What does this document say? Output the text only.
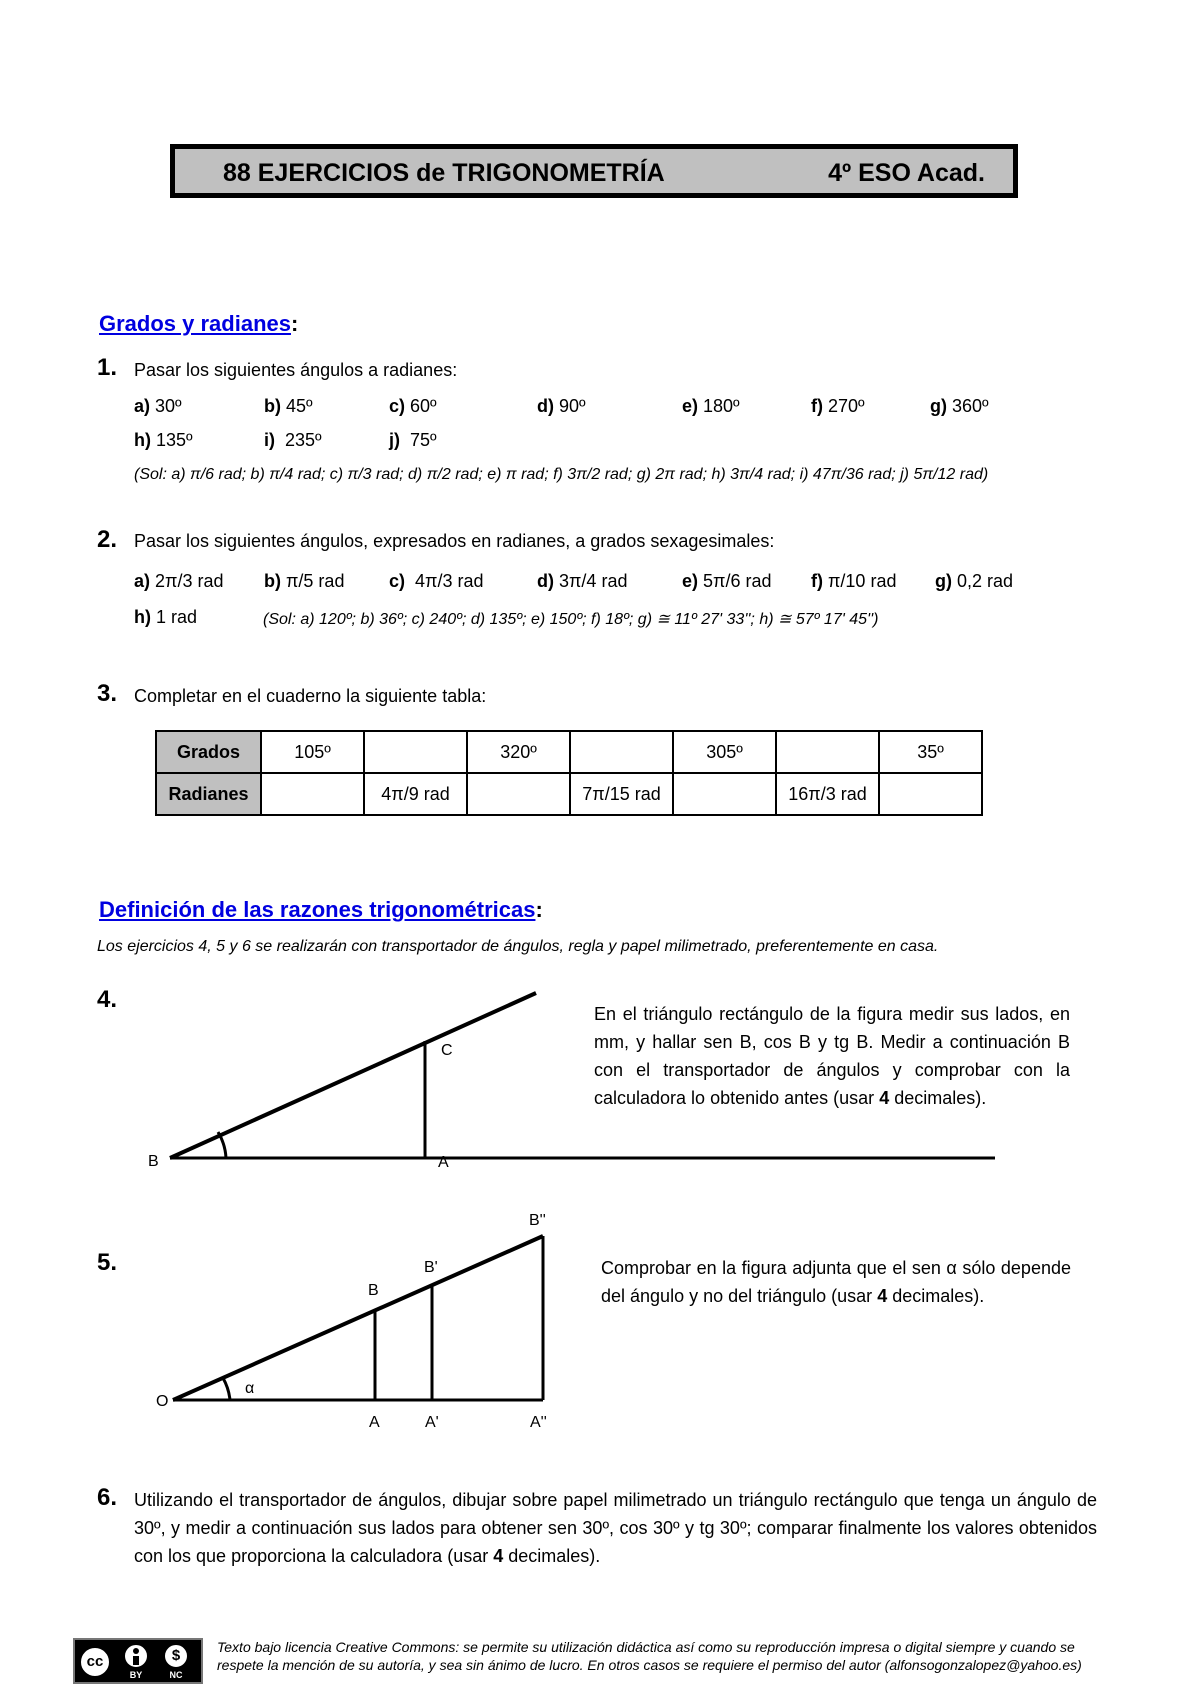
88 EJERCICIOS de TRIGONOMETRÍA	4º ESO Acad.
Grados y radianes:
1. Pasar los siguientes ángulos a radianes:
a) 30º	b) 45º	c) 60º	d) 90º	e) 180º	f) 270º	g) 360º
h) 135º	i)  235º	j)  75º
(Sol: a) π/6 rad; b) π/4 rad; c) π/3 rad; d) π/2 rad; e) π rad; f) 3π/2 rad; g) 2π rad; h) 3π/4 rad; i) 47π/36 rad; j) 5π/12 rad)
2. Pasar los siguientes ángulos, expresados en radianes, a grados sexagesimales:
a) 2π/3 rad b) π/5 rad c)  4π/3 rad	d) 3π/4 rad	e) 5π/6 rad f) π/10 rad g) 0,2 rad
h) 1 rad	(Sol: a) 120º; b) 36º; c) 240º; d) 135º; e) 150º; f) 18º; g) ≅ 11º 27' 33''; h) ≅ 57º 17' 45'')
3. Completar en el cuaderno la siguiente tabla:
Grados	105º		320º		305º		35º
Radianes		4π/9 rad		7π/15 rad		16π/3 rad	
Definición de las razones trigonométricas:
Los ejercicios 4, 5 y 6 se realizarán con transportador de ángulos, regla y papel milimetrado, preferentemente en casa.
4.
B
C
A
En el triángulo rectángulo de la figura medir sus lados, en mm, y hallar sen B, cos B y tg B. Medir a continuación B con el transportador de ángulos y comprobar con la calculadora lo obtenido antes (usar 4 decimales).
5.
O
α
B
B'
B''
A	A'	A''
Comprobar en la figura adjunta que el sen α sólo depende del ángulo y no del triángulo (usar 4 decimales).
6. Utilizando el transportador de ángulos, dibujar sobre papel milimetrado un triángulo rectángulo que tenga un ángulo de 30º, y medir a continuación sus lados para obtener sen 30º, cos 30º y tg 30º; comparar finalmente los valores obtenidos con los que proporciona la calculadora (usar 4 decimales).
cc	$
BY	NC
Texto bajo licencia Creative Commons: se permite su utilización didáctica así como su reproducción impresa o digital siempre y cuando se respete la mención de su autoría, y sea sin ánimo de lucro. En otros casos se requiere el permiso del autor (alfonsogonzalopez@yahoo.es)
